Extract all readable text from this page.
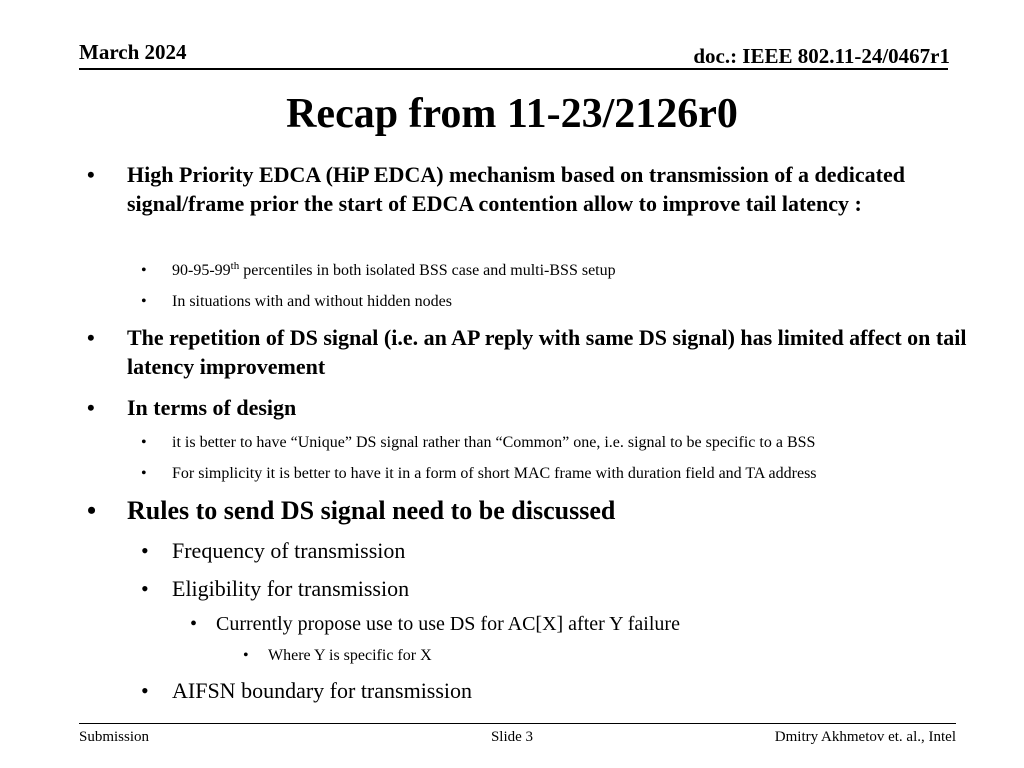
March 2024	doc.: IEEE 802.11-24/0467r1
Recap from 11-23/2126r0
• High Priority EDCA (HiP EDCA) mechanism based on transmission of a dedicated signal/frame prior the start of EDCA contention allow to improve tail latency :
• 90-95-99th percentiles in both isolated BSS case and multi-BSS setup
• In situations with and without hidden nodes
• The repetition of DS signal (i.e. an AP reply with same DS signal) has limited affect on tail latency improvement
• In terms of design
• it is better to have “Unique” DS signal rather than “Common” one, i.e. signal to be specific to a BSS
• For simplicity it is better to have it in a form of short MAC frame with duration field and TA address
• Rules to send DS signal need to be discussed
• Frequency of transmission
• Eligibility for transmission
• Currently propose use to use DS for AC[X] after Y failure
• Where Y is specific for X
• AIFSN boundary for transmission
Submission	Slide 3	Dmitry Akhmetov et. al., Intel
